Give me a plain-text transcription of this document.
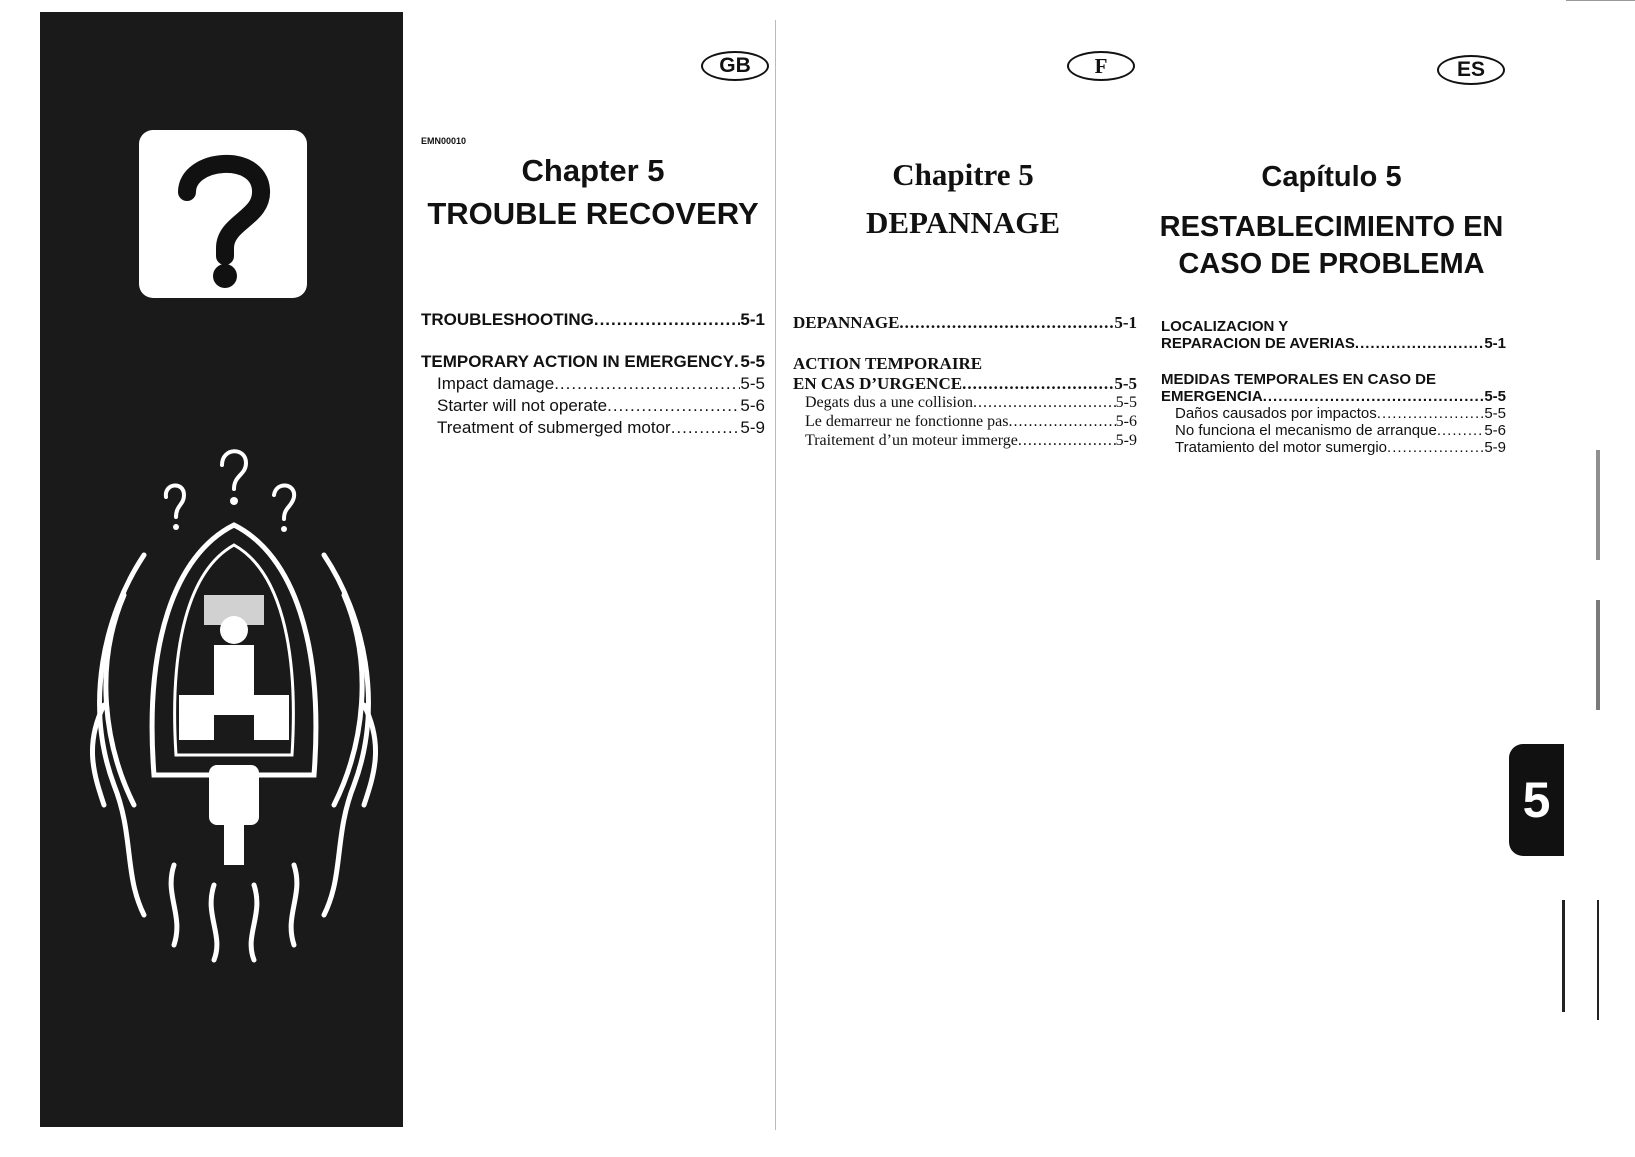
GB	F	ES
EMN00010
Chapter 5
TROUBLE RECOVERY
TROUBLESHOOTING .....	5-1
TEMPORARY ACTION IN EMERGENCY ..... 5-5
Impact damage .....	5-5
Starter will not operate .....	5-6
Treatment of submerged motor .....	5-9
Chapitre 5
DEPANNAGE
DEPANNAGE .....	5-1
ACTION TEMPORAIRE
EN CAS D’URGENCE .....	5-5
Degats dus a une collision .....	5-5
Le demarreur ne fonctionne pas .....	5-6
Traitement d’un moteur immerge .....	5-9
Capítulo 5
RESTABLECIMIENTO EN
CASO DE PROBLEMA
LOCALIZACION Y
REPARACION DE AVERIAS .....	5-1
MEDIDAS TEMPORALES EN CASO DE
EMERGENCIA .....	5-5
Daños causados por impactos .....	5-5
No funciona el mecanismo de arranque .....	5-6
Tratamiento del motor sumergio .....	5-9
5
